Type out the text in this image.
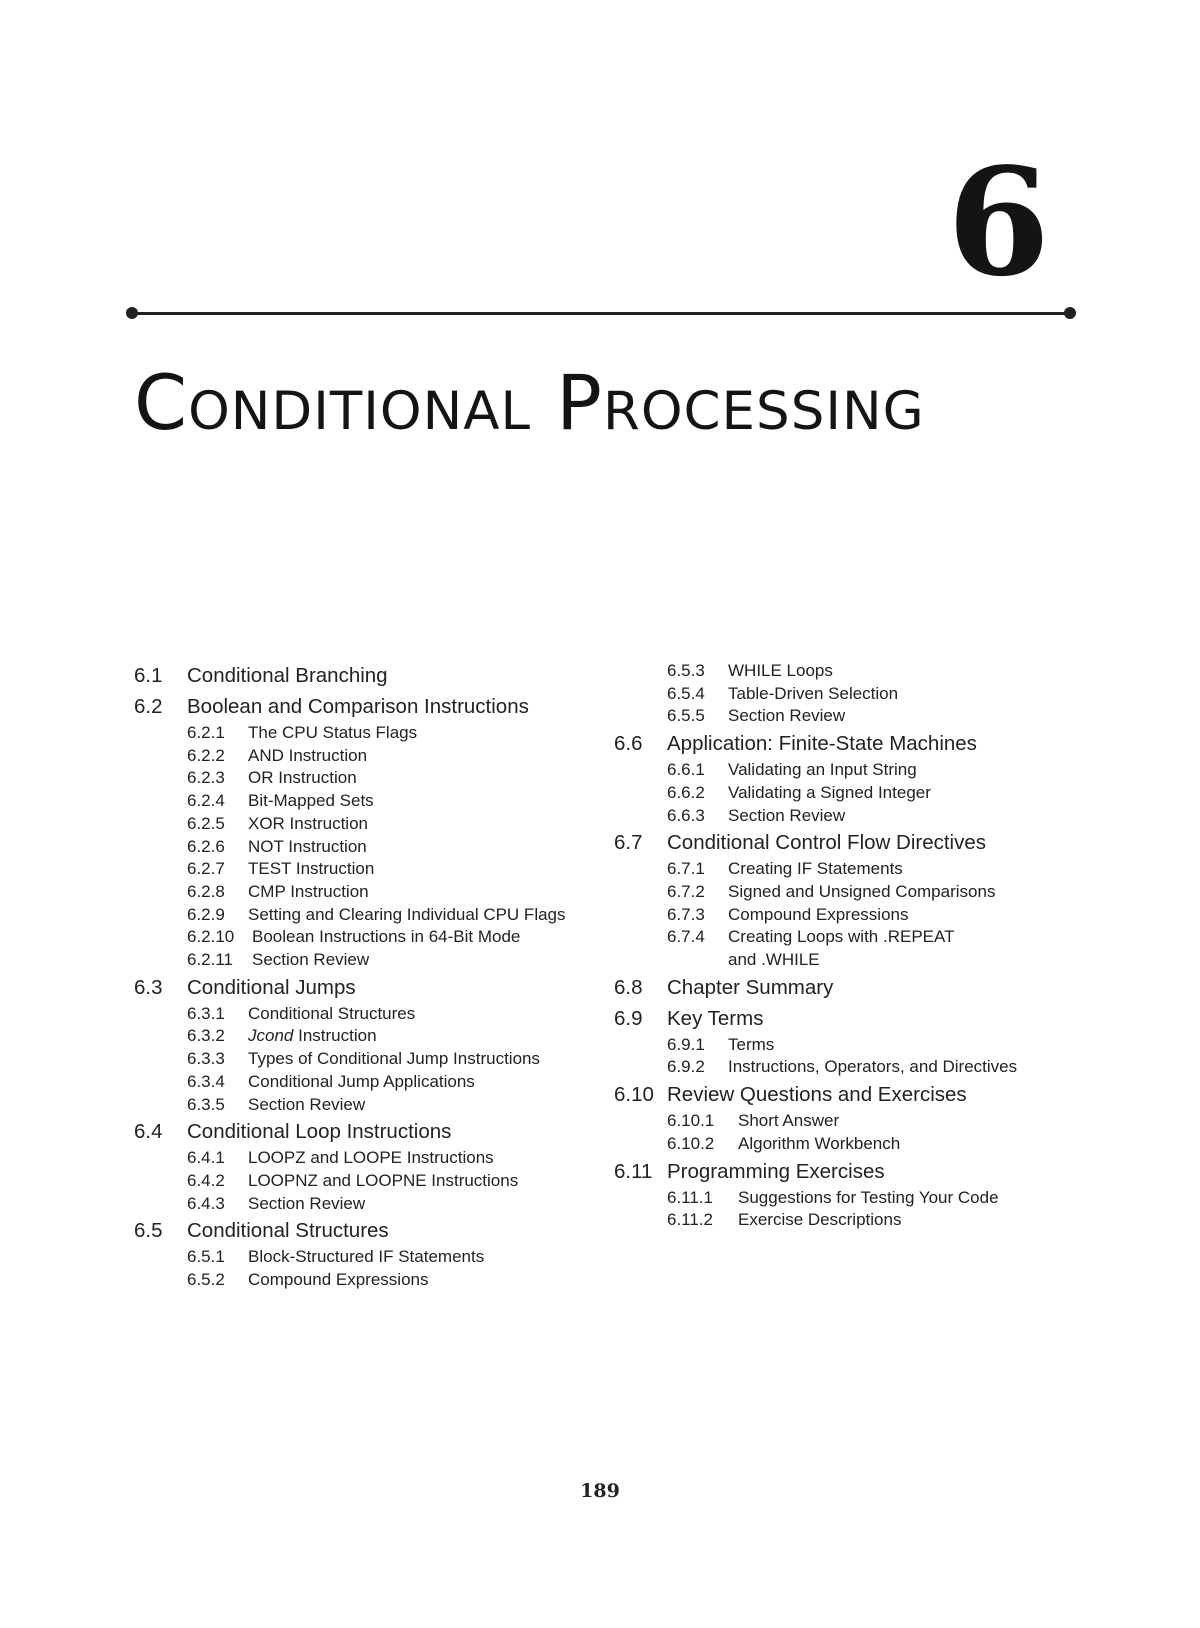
6
Conditional Processing
6.1	Conditional Branching
6.2	Boolean and Comparison Instructions
6.2.1	The CPU Status Flags
6.2.2	AND Instruction
6.2.3	OR Instruction
6.2.4	Bit-Mapped Sets
6.2.5	XOR Instruction
6.2.6	NOT Instruction
6.2.7	TEST Instruction
6.2.8	CMP Instruction
6.2.9	Setting and Clearing Individual CPU Flags
6.2.10	Boolean Instructions in 64-Bit Mode
6.2.11	Section Review
6.3	Conditional Jumps
6.3.1	Conditional Structures
6.3.2	Jcond Instruction
6.3.3	Types of Conditional Jump Instructions
6.3.4	Conditional Jump Applications
6.3.5	Section Review
6.4	Conditional Loop Instructions
6.4.1	LOOPZ and LOOPE Instructions
6.4.2	LOOPNZ and LOOPNE Instructions
6.4.3	Section Review
6.5	Conditional Structures
6.5.1	Block-Structured IF Statements
6.5.2	Compound Expressions
6.5.3	WHILE Loops
6.5.4	Table-Driven Selection
6.5.5	Section Review
6.6	Application: Finite-State Machines
6.6.1	Validating an Input String
6.6.2	Validating a Signed Integer
6.6.3	Section Review
6.7	Conditional Control Flow Directives
6.7.1	Creating IF Statements
6.7.2	Signed and Unsigned Comparisons
6.7.3	Compound Expressions
6.7.4	Creating Loops with .REPEAT
and .WHILE
6.8	Chapter Summary
6.9	Key Terms
6.9.1	Terms
6.9.2	Instructions, Operators, and Directives
6.10 Review Questions and Exercises
6.10.1	Short Answer
6.10.2	Algorithm Workbench
6.11 Programming Exercises
6.11.1	Suggestions for Testing Your Code
6.11.2	Exercise Descriptions
189
